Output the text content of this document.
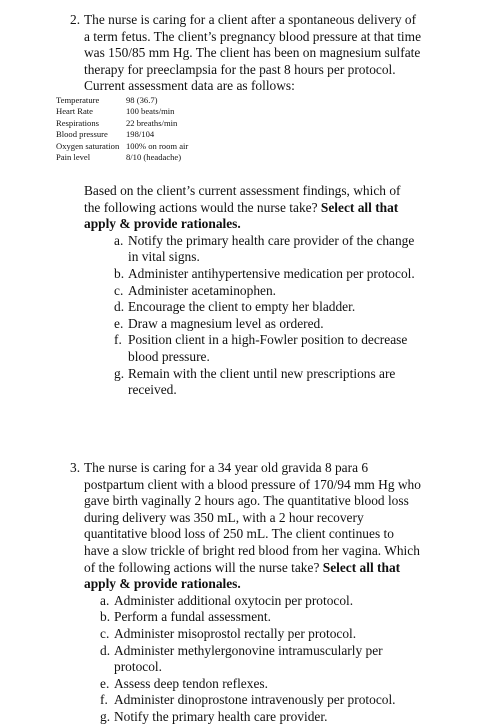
2. The nurse is caring for a client after a spontaneous delivery of a term fetus. The client’s pregnancy blood pressure at that time was 150/85 mm Hg. The client has been on magnesium sulfate therapy for preeclampsia for the past 8 hours per protocol. Current assessment data are as follows:

Temperature	98 (36.7)
Heart Rate	100 beats/min
Respirations	22 breaths/min
Blood pressure	198/104
Oxygen saturation	100% on room air
Pain level	8/10 (headache)

Based on the client’s current assessment findings, which of the following actions would the nurse take? Select all that apply & provide rationales.

a. Notify the primary health care provider of the change in vital signs.
b. Administer antihypertensive medication per protocol.
c. Administer acetaminophen.
d. Encourage the client to empty her bladder.
e. Draw a magnesium level as ordered.
f. Position client in a high-Fowler position to decrease blood pressure.
g. Remain with the client until new prescriptions are received.
3. The nurse is caring for a 34 year old gravida 8 para 6 postpartum client with a blood pressure of 170/94 mm Hg who gave birth vaginally 2 hours ago. The quantitative blood loss during delivery was 350 mL, with a 2 hour recovery quantitative blood loss of 250 mL. The client continues to have a slow trickle of bright red blood from her vagina. Which of the following actions will the nurse take? Select all that apply & provide rationales.

a. Administer additional oxytocin per protocol.
b. Perform a fundal assessment.
c. Administer misoprostol rectally per protocol.
d. Administer methylergonovine intramuscularly per protocol.
e. Assess deep tendon reflexes.
f. Administer dinoprostone intravenously per protocol.
g. Notify the primary health care provider.
